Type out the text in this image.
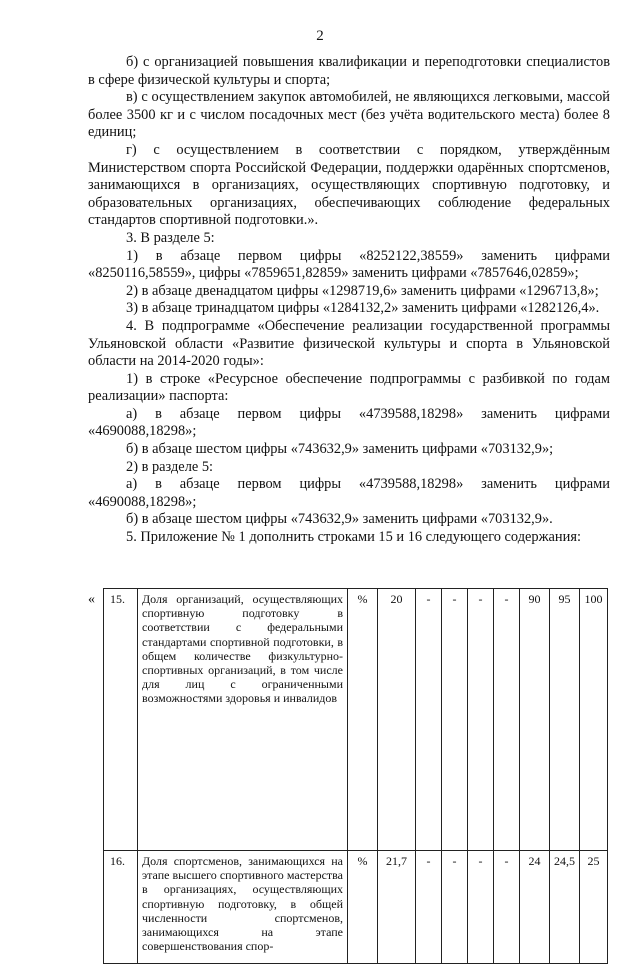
2

б) с организацией повышения квалификации и переподготовки специалистов в сфере физической культуры и спорта;

в) с осуществлением закупок автомобилей, не являющихся легковыми, массой более 3500 кг и с числом посадочных мест (без учёта водительского места) более 8 единиц;

г) с осуществлением в соответствии с порядком, утверждённым Министерством спорта Российской Федерации, поддержки одарённых спортсменов, занимающихся в организациях, осуществляющих спортивную подготовку, и образовательных организациях, обеспечивающих соблюдение федеральных стандартов спортивной подготовки.».

3. В разделе 5:

1) в абзаце первом цифры «8252122,38559» заменить цифрами «8250116,58559», цифры «7859651,82859» заменить цифрами «7857646,02859»;

2) в абзаце двенадцатом цифры «1298719,6» заменить цифрами «1296713,8»;

3) в абзаце тринадцатом цифры «1284132,2» заменить цифрами «1282126,4».

4. В подпрограмме «Обеспечение реализации государственной программы Ульяновской области «Развитие физической культуры и спорта в Ульяновской области на 2014-2020 годы»:

1) в строке «Ресурсное обеспечение подпрограммы с разбивкой по годам реализации» паспорта:

а) в абзаце первом цифры «4739588,18298» заменить цифрами «4690088,18298»;

б) в абзаце шестом цифры «743632,9» заменить цифрами «703132,9»;

2) в разделе 5:

а) в абзаце первом цифры «4739588,18298» заменить цифрами «4690088,18298»;

б) в абзаце шестом цифры «743632,9» заменить цифрами «703132,9».

5. Приложение № 1 дополнить строками 15 и 16 следующего содержания:

« 15.	Доля организаций, осуществляющих спортивную подготовку в соответствии с федеральными стандартами спортивной подготовки, в общем количестве физкультурно-спортивных организаций, в том числе для лиц с ограниченными возможностями здоровья и инвалидов	%	20	-	-	-	-	90	95	100
16.	Доля спортсменов, занимающихся на этапе высшего спортивного мастерства в организациях, осуществляющих спортивную подготовку, в общей численности спортсменов, занимающихся на этапе совершенствования спор-	%	21,7	-	-	-	-	24	24,5	25
